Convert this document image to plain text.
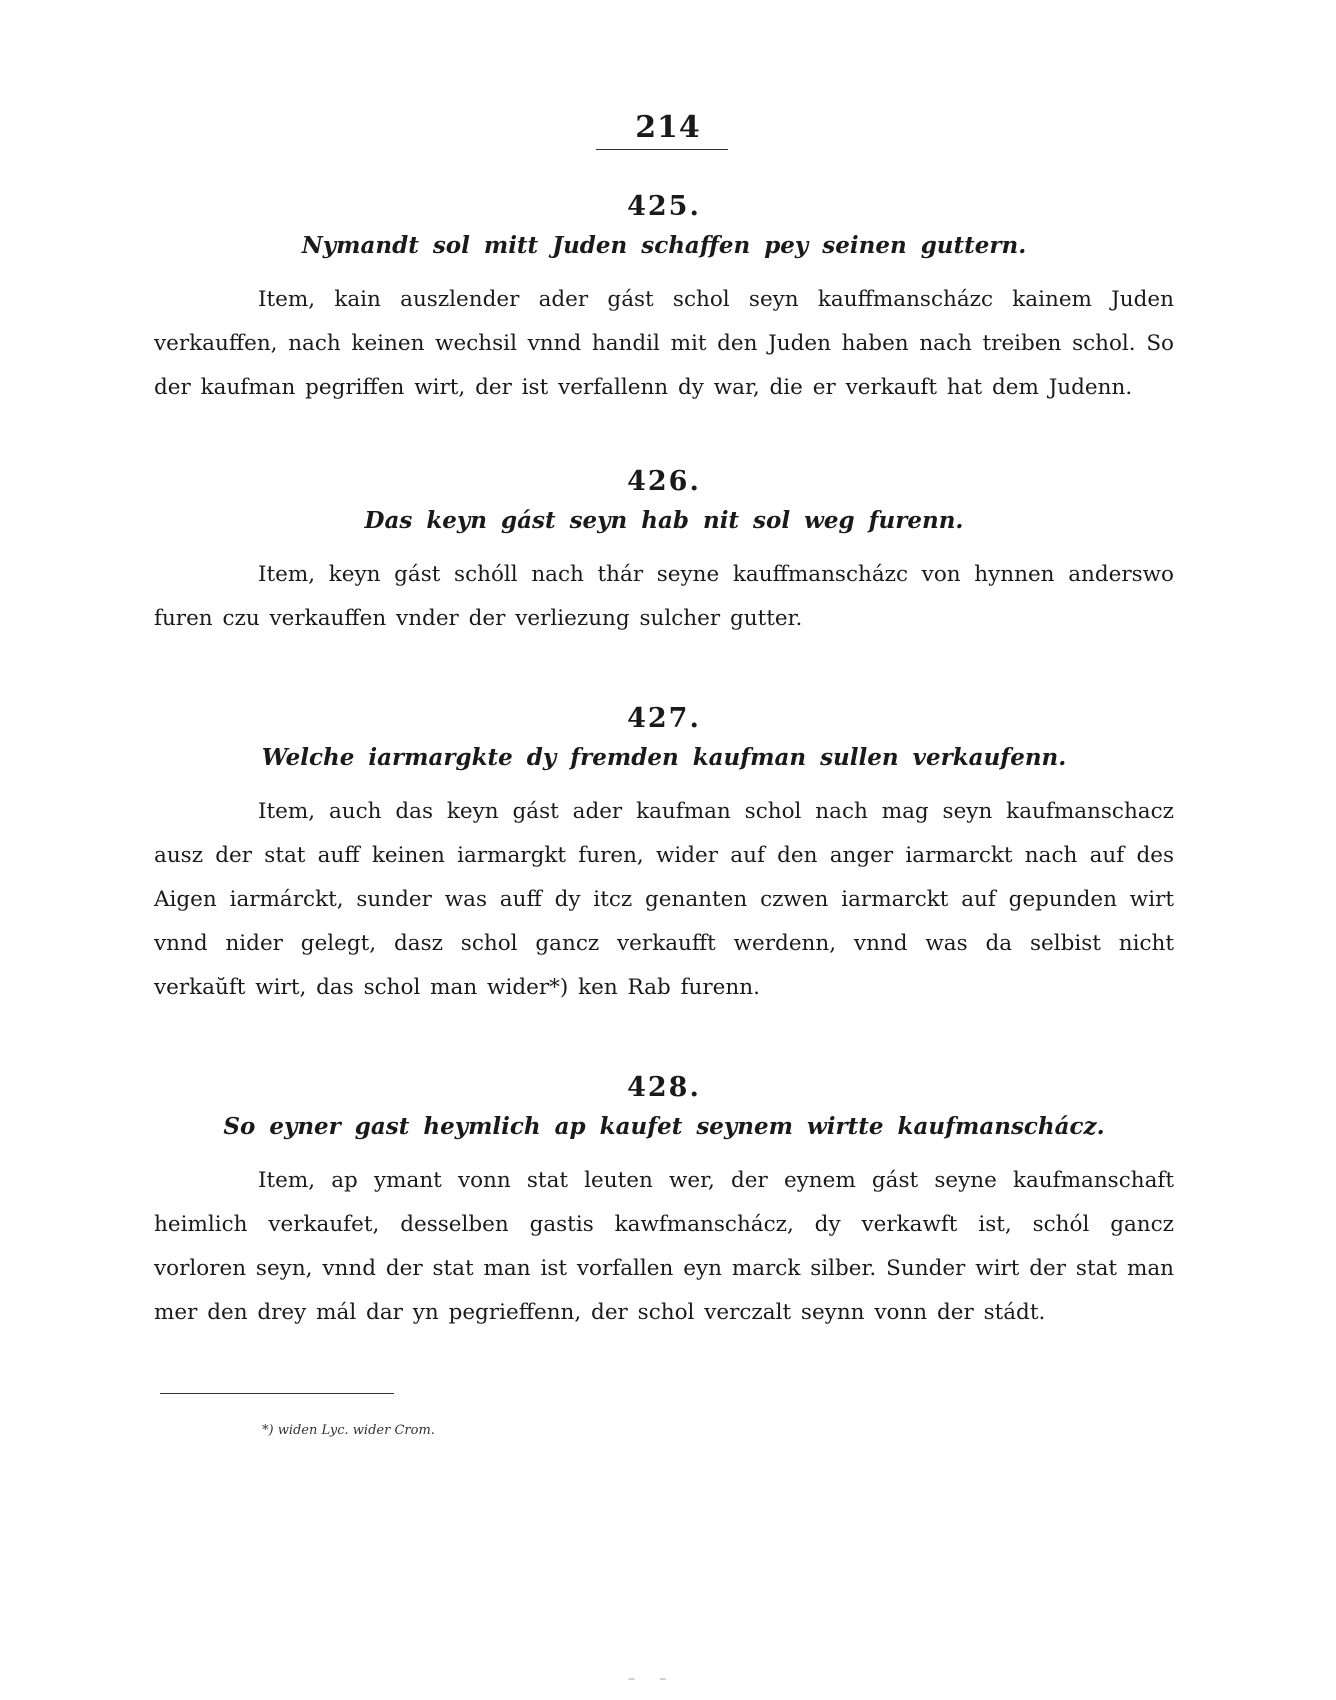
214

425.

Nymandt sol mitt Juden schaffen pey seinen guttern.

Item, kain auszlender ader gást schol seyn kauffmanscházc kainem Juden verkauffen, nach keinen wechsil vnnd handil mit den Juden haben nach treiben schol. So der kaufman pegriffen wirt, der ist verfallenn dy war, die er verkauft hat dem Judenn.

426.

Das keyn gást seyn hab nit sol weg furenn.

Item, keyn gást schóll nach thár seyne kauffmanscházc von hynnen anderswo furen czu verkauffen vnder der verliezung sulcher gutter.

427.

Welche iarmargkte dy fremden kaufman sullen verkaufenn.

Item, auch das keyn gást ader kaufman schol nach mag seyn kaufmanschacz ausz der stat auff keinen iarmargkt furen, wider auf den anger iarmarckt nach auf des Aigen iarmárckt, sunder was auff dy itcz genanten czwen iarmarckt auf gepunden wirt vnnd nider gelegt, dasz schol gancz verkaufft werdenn, vnnd was da selbist nicht verkaŭft wirt, das schol man wider*) ken Rab furenn.

428.

So eyner gast heymlich ap kaufet seynem wirtte kaufmanschácz.

Item, ap ymant vonn stat leuten wer, der eynem gást seyne kaufmanschaft heimlich verkaufet, desselben gastis kawfmanschácz, dy verkawft ist, schól gancz vorloren seyn, vnnd der stat man ist vorfallen eyn marck silber. Sunder wirt der stat man mer den drey mál dar yn pegrieffenn, der schol verczalt seynn vonn der stádt.

*) widen Lyc. wider Crom.
– –
